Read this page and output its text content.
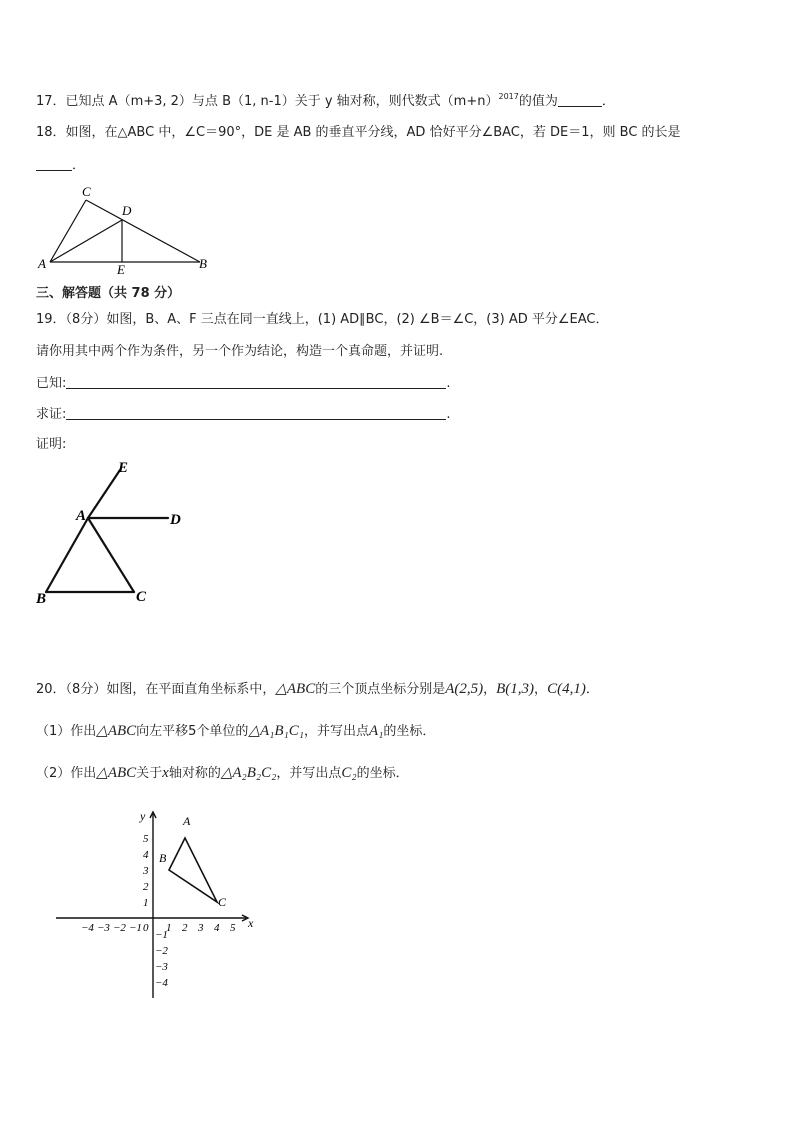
17．已知点 A（m+3, 2）与点 B（1, n-1）关于 y 轴对称，则代数式$(m+n)^{2017}$的值为	．
18．如图，在△ABC 中，∠C＝90°，DE 是 AB 的垂直平分线，AD 恰好平分∠BAC，若 DE＝1，则 BC 的长是
．
C
D
A	E	B
三、解答题（共 78 分）
19．（8分）如图，B、A、F 三点在同一直线上，(1) AD∥BC，(2) ∠B＝∠C，(3) AD 平分∠EAC．
请你用其中两个作为条件，另一个作为结论，构造一个真命题，并证明.
已知:	.
求证:	.
证明:
E
A	D
B	C
20．（8分）如图，在平面直角坐标系中，△ABC的三个顶点坐标分别是A(2,5)，B(1,3)，C(4,1)．
（1）作出△ABC向左平移5个单位的△A₁B₁C₁，并写出点A₁的坐标．
（2）作出△ABC关于x轴对称的△A₂B₂C₂，并写出点C₂的坐标．
x
y
−4 −3 −2 −1 0 1 2 3 4 5
5
4
3
2
1
−1
−2
−3
−4
A
B
C
